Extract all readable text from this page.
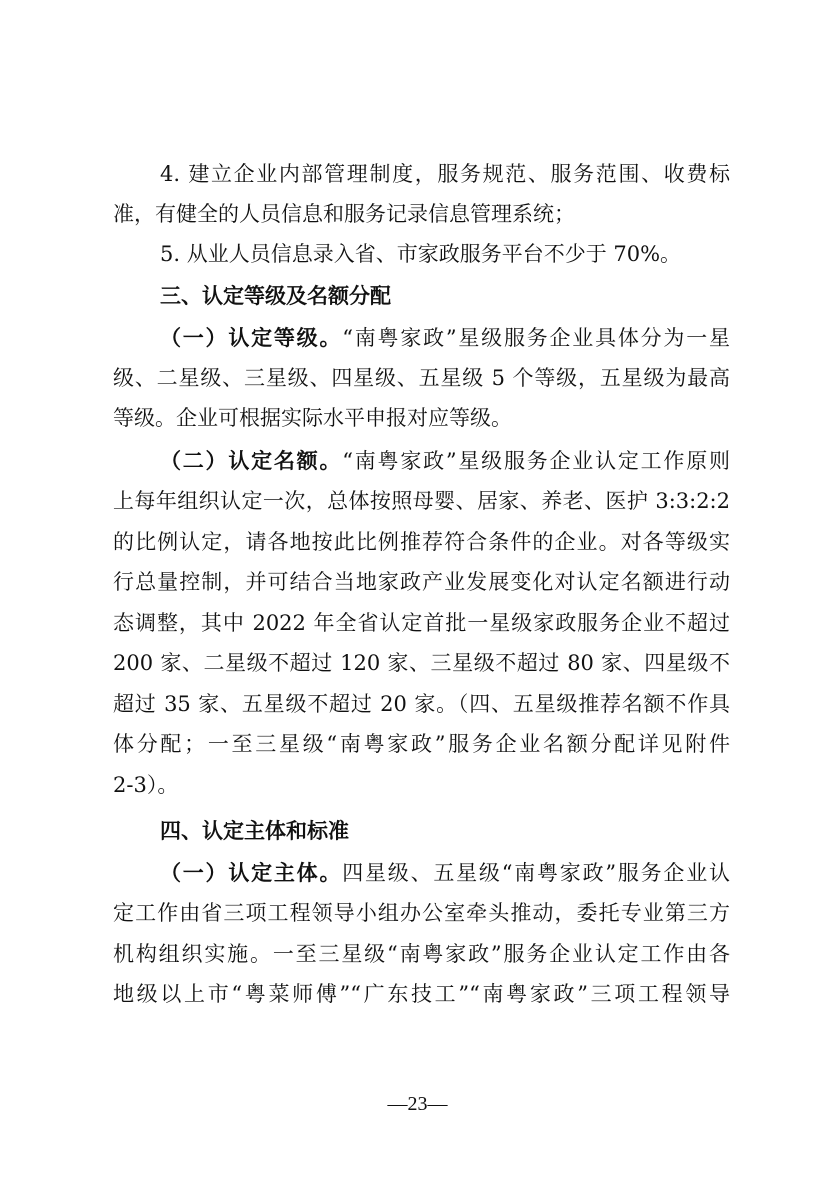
4. 建立企业内部管理制度，服务规范、服务范围、收费标
准，有健全的人员信息和服务记录信息管理系统；
5. 从业人员信息录入省、市家政服务平台不少于 70%。
三、认定等级及名额分配
（一）认定等级。“南粤家政”星级服务企业具体分为一星
级、二星级、三星级、四星级、五星级 5 个等级，五星级为最高
等级。企业可根据实际水平申报对应等级。
（二）认定名额。“南粤家政”星级服务企业认定工作原则
上每年组织认定一次，总体按照母婴、居家、养老、医护 3:3:2:2
的比例认定，请各地按此比例推荐符合条件的企业。对各等级实
行总量控制，并可结合当地家政产业发展变化对认定名额进行动
态调整，其中 2022 年全省认定首批一星级家政服务企业不超过
200 家、二星级不超过 120 家、三星级不超过 80 家、四星级不
超过 35 家、五星级不超过 20 家。（四、五星级推荐名额不作具
体分配；一至三星级“南粤家政”服务企业名额分配详见附件
2-3）。
四、认定主体和标准
（一）认定主体。四星级、五星级“南粤家政”服务企业认
定工作由省三项工程领导小组办公室牵头推动，委托专业第三方
机构组织实施。一至三星级“南粤家政”服务企业认定工作由各
地级以上市“粤菜师傅”“广东技工”“南粤家政”三项工程领导
—23—
